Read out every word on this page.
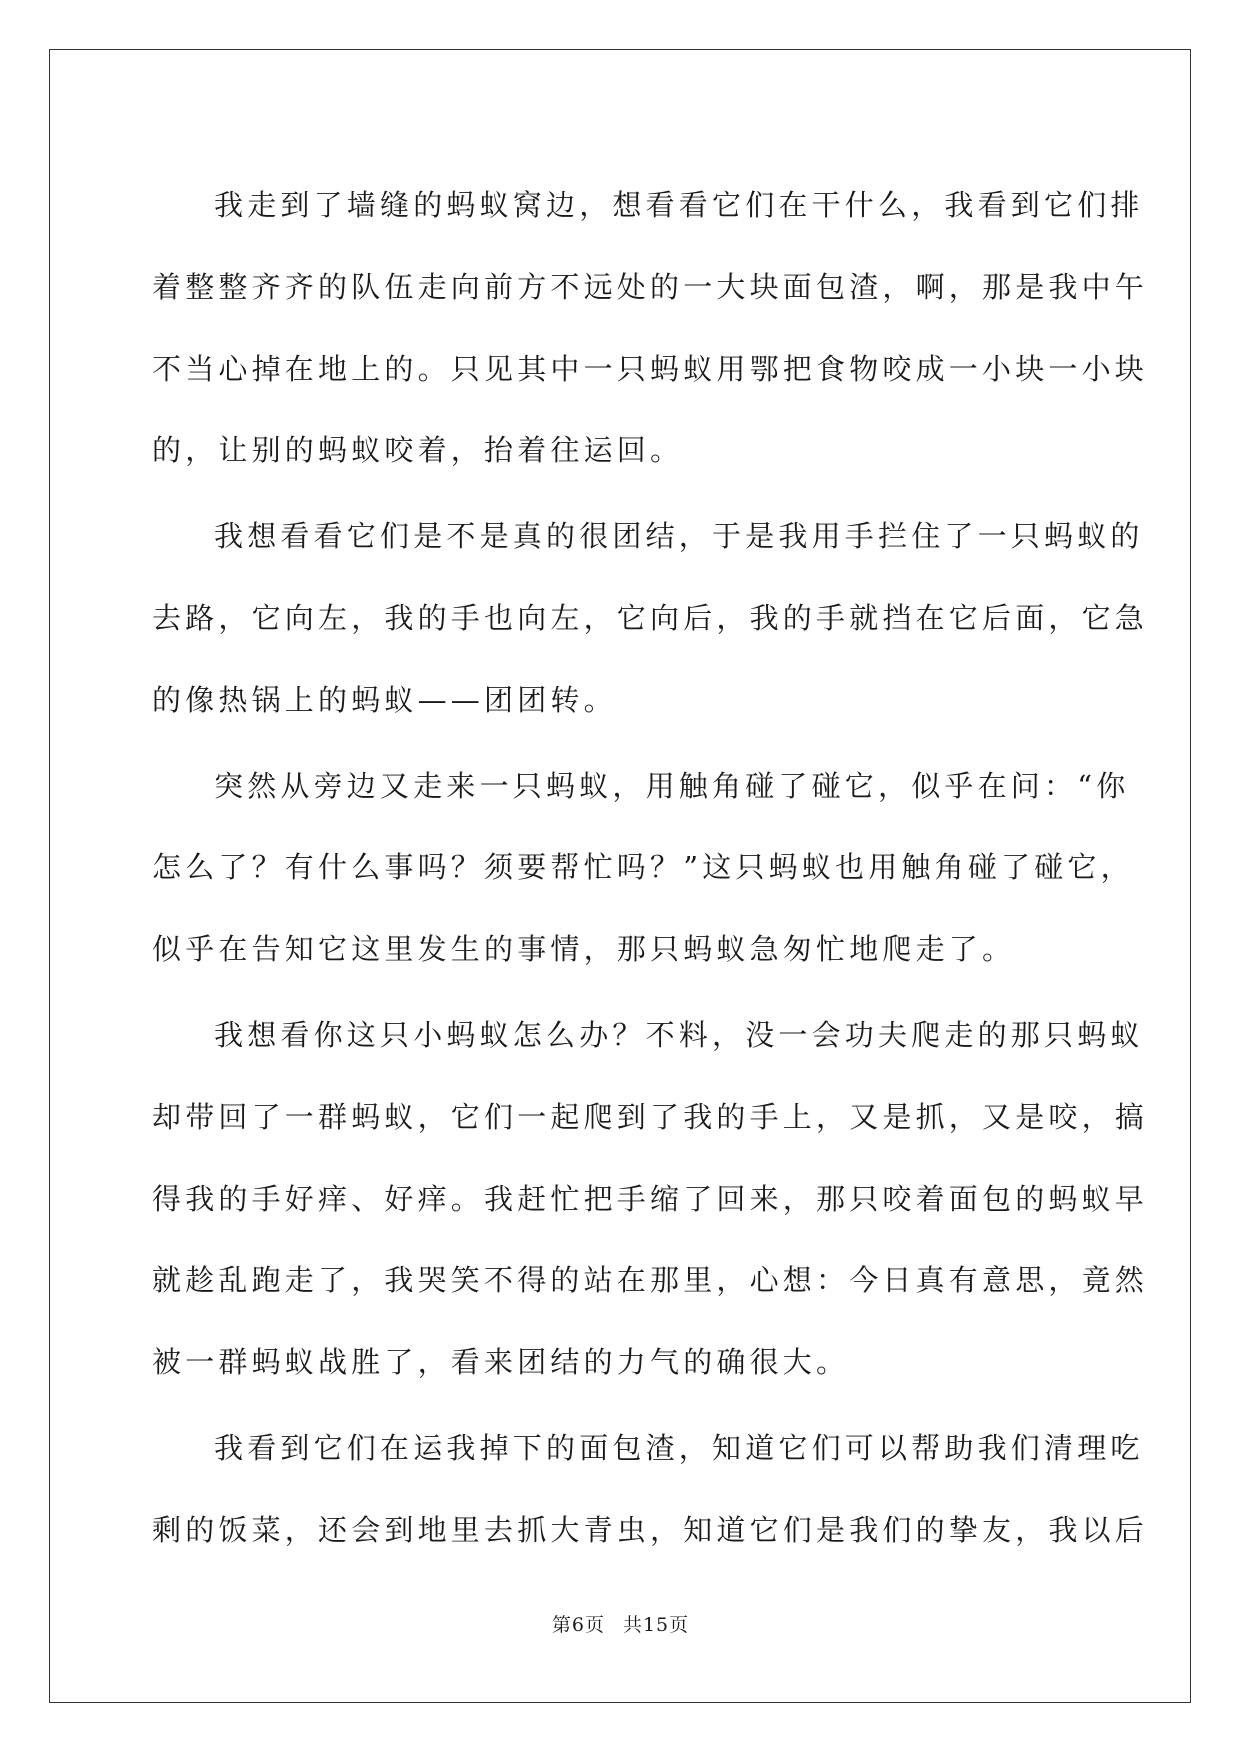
我走到了墙缝的蚂蚁窝边，想看看它们在干什么，我看到它们排
着整整齐齐的队伍走向前方不远处的一大块面包渣，啊，那是我中午
不当心掉在地上的。只见其中一只蚂蚁用鄂把食物咬成一小块一小块
的，让别的蚂蚁咬着，抬着往运回。
我想看看它们是不是真的很团结，于是我用手拦住了一只蚂蚁的
去路，它向左，我的手也向左，它向后，我的手就挡在它后面，它急
的像热锅上的蚂蚁——团团转。
突然从旁边又走来一只蚂蚁，用触角碰了碰它，似乎在问：“你
怎么了？有什么事吗？须要帮忙吗？”这只蚂蚁也用触角碰了碰它，
似乎在告知它这里发生的事情，那只蚂蚁急匆忙地爬走了。
我想看你这只小蚂蚁怎么办？不料，没一会功夫爬走的那只蚂蚁
却带回了一群蚂蚁，它们一起爬到了我的手上，又是抓，又是咬，搞
得我的手好痒、好痒。我赶忙把手缩了回来，那只咬着面包的蚂蚁早
就趁乱跑走了，我哭笑不得的站在那里，心想：今日真有意思，竟然
被一群蚂蚁战胜了，看来团结的力气的确很大。
我看到它们在运我掉下的面包渣，知道它们可以帮助我们清理吃
剩的饭菜，还会到地里去抓大青虫，知道它们是我们的挚友，我以后
第6页 共15页
